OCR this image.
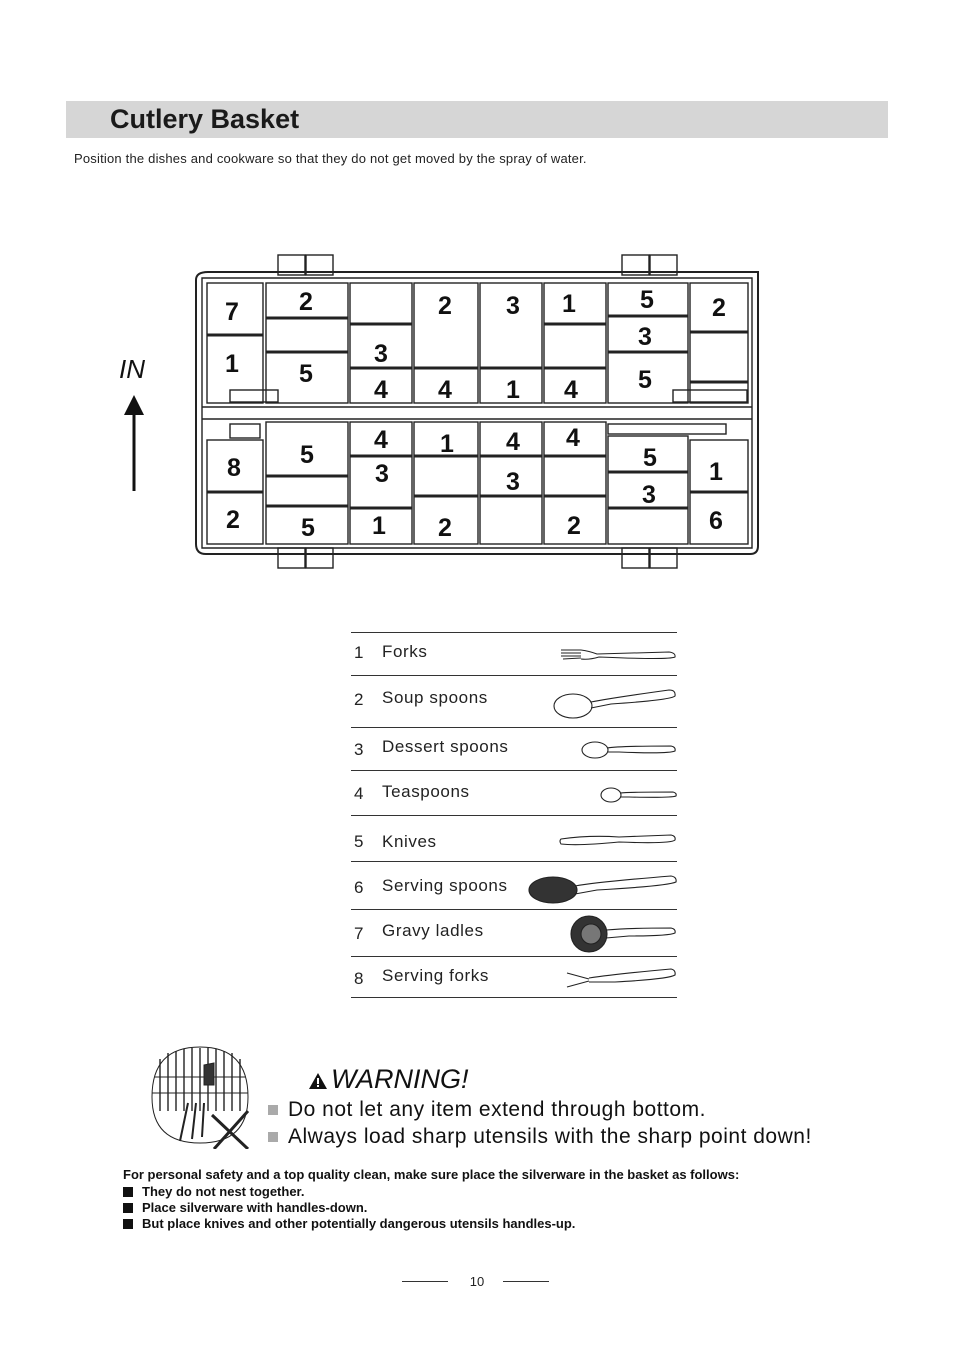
Cutlery Basket
Position the dishes and cookware so that they do not get moved by the spray of water.
IN
7
1
2
5
3
4
2
4
3
1
1
4
5
3
5
2
8
2
5
5
4
3
1
1
2
4
3
4
2
5
3
1
6
1 Forks
2 Soup spoons
3 Dessert spoons
4 Teaspoons
5 Knives
6 Serving spoons
7 Gravy ladles
8 Serving forks
WARNING!
Do not let any item extend through bottom.
Always load sharp utensils with the sharp point down!
For personal safety and a top quality clean, make sure place the silverware in the basket as follows:
They do not nest together.
Place silverware with handles-down.
But place knives and other potentially dangerous utensils handles-up.
10
